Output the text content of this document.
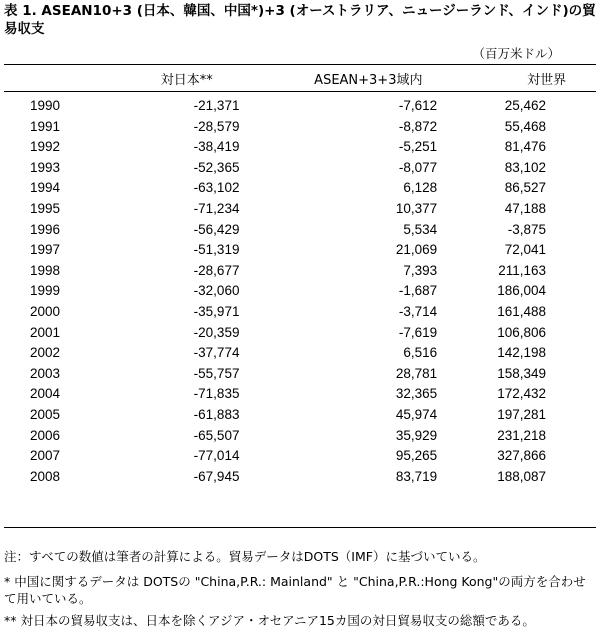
表 1. ASEAN10+3 (日本、韓国、中国*)+3 (オーストラリア、ニュージーランド、インド)の貿易収支
（百万米ドル）
	対日本**	ASEAN+3+3域内	対世界
1990	-21,371	-7,612	25,462
1991	-28,579	-8,872	55,468
1992	-38,419	-5,251	81,476
1993	-52,365	-8,077	83,102
1994	-63,102	6,128	86,527
1995	-71,234	10,377	47,188
1996	-56,429	5,534	-3,875
1997	-51,319	21,069	72,041
1998	-28,677	7,393	211,163
1999	-32,060	-1,687	186,004
2000	-35,971	-3,714	161,488
2001	-20,359	-7,619	106,806
2002	-37,774	6,516	142,198
2003	-55,757	28,781	158,349
2004	-71,835	32,365	172,432
2005	-61,883	45,974	197,281
2006	-65,507	35,929	231,218
2007	-77,014	95,265	327,866
2008	-67,945	83,719	188,087

注：すべての数値は筆者の計算による。貿易データはDOTS（IMF）に基づいている。

* 中国に関するデータは DOTSの "China,P.R.: Mainland" と "China,P.R.:Hong Kong"の両方を合わせて用いている。

** 対日本の貿易収支は、日本を除くアジア・オセアニア15カ国の対日貿易収支の総額である。
